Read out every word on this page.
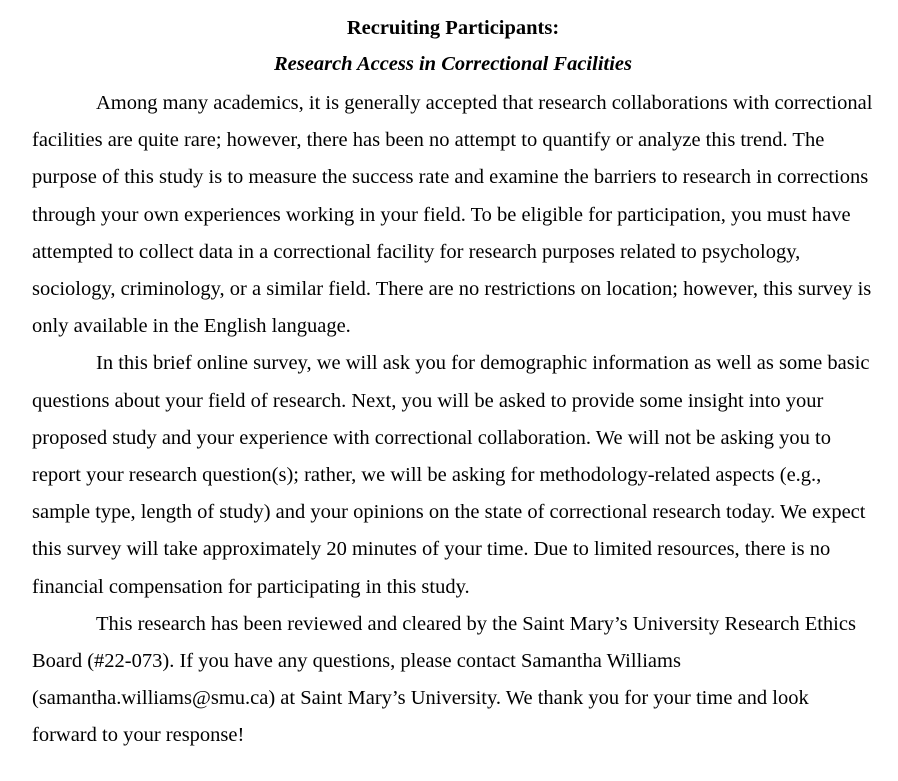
Recruiting Participants:
Research Access in Correctional Facilities

Among many academics, it is generally accepted that research collaborations with correctional facilities are quite rare; however, there has been no attempt to quantify or analyze this trend. The purpose of this study is to measure the success rate and examine the barriers to research in corrections through your own experiences working in your field. To be eligible for participation, you must have attempted to collect data in a correctional facility for research purposes related to psychology, sociology, criminology, or a similar field. There are no restrictions on location; however, this survey is only available in the English language.

In this brief online survey, we will ask you for demographic information as well as some basic questions about your field of research. Next, you will be asked to provide some insight into your proposed study and your experience with correctional collaboration. We will not be asking you to report your research question(s); rather, we will be asking for methodology-related aspects (e.g., sample type, length of study) and your opinions on the state of correctional research today. We expect this survey will take approximately 20 minutes of your time. Due to limited resources, there is no financial compensation for participating in this study.

This research has been reviewed and cleared by the Saint Mary’s University Research Ethics Board (#22-073). If you have any questions, please contact Samantha Williams (samantha.williams@smu.ca) at Saint Mary’s University. We thank you for your time and look forward to your response!
